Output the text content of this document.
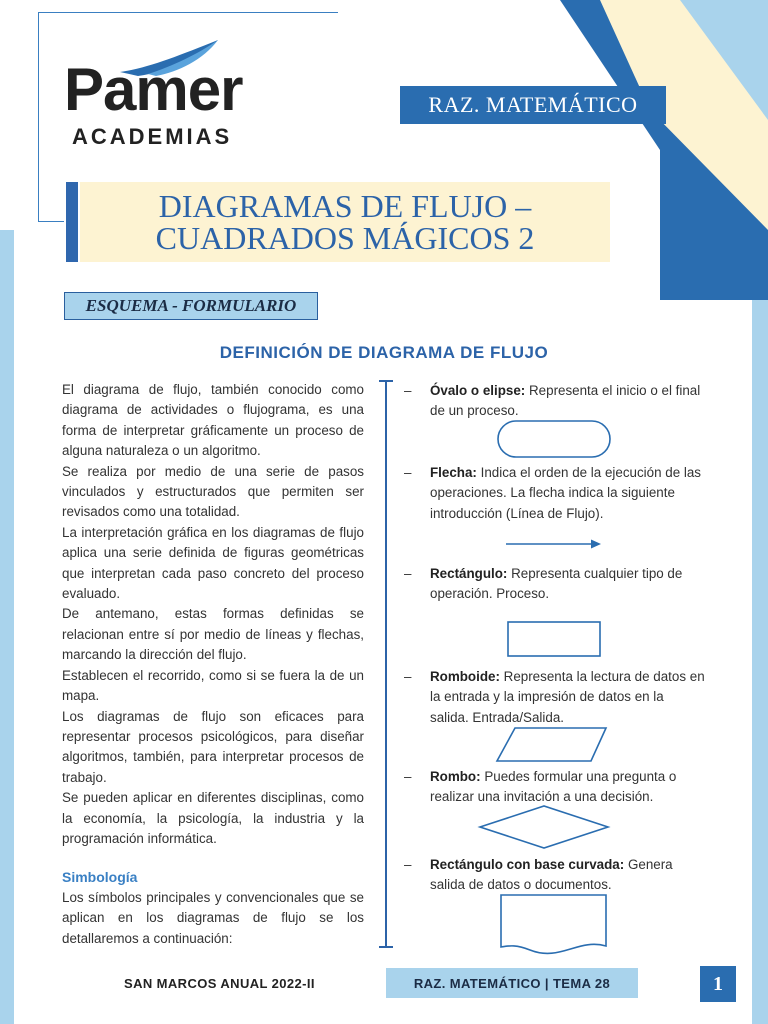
Pamer
ACADEMIAS
RAZ. MATEMÁTICO
DIAGRAMAS DE FLUJO –
CUADRADOS MÁGICOS 2
ESQUEMA - FORMULARIO
DEFINICIÓN DE DIAGRAMA DE FLUJO

El diagrama de flujo, también conocido como diagrama de actividades o flujograma, es una forma de interpretar gráficamente un proceso de alguna naturaleza o un algoritmo.

Se realiza por medio de una serie de pasos vinculados y estructurados que permiten ser revisados como una totalidad.

La interpretación gráfica en los diagramas de flujo aplica una serie definida de figuras geométricas que interpretan cada paso concreto del proceso evaluado.

De antemano, estas formas definidas se relacionan entre sí por medio de líneas y flechas, marcando la dirección del flujo.

Establecen el recorrido, como si se fuera la de un mapa.

Los diagramas de flujo son eficaces para representar procesos psicológicos, para diseñar algoritmos, también, para interpretar procesos de trabajo.

Se pueden aplicar en diferentes disciplinas, como la economía, la psicología, la industria y la programación informática.

Simbología

Los símbolos principales y convencionales que se aplican en los diagramas de flujo se los detallaremos a continuación:

– Óvalo o elipse: Representa el inicio o el final de un proceso.
– Flecha: Indica el orden de la ejecución de las operaciones. La flecha indica la siguiente introducción (Línea de Flujo).
– Rectángulo: Representa cualquier tipo de operación. Proceso.
– Romboide: Representa la lectura de datos en la entrada y la impresión de datos en la salida. Entrada/Salida.
– Rombo: Puedes formular una pregunta o realizar una invitación a una decisión.
– Rectángulo con base curvada: Genera salida de datos o documentos.
SAN MARCOS ANUAL 2022-II	RAZ. MATEMÁTICO | TEMA 28	1
